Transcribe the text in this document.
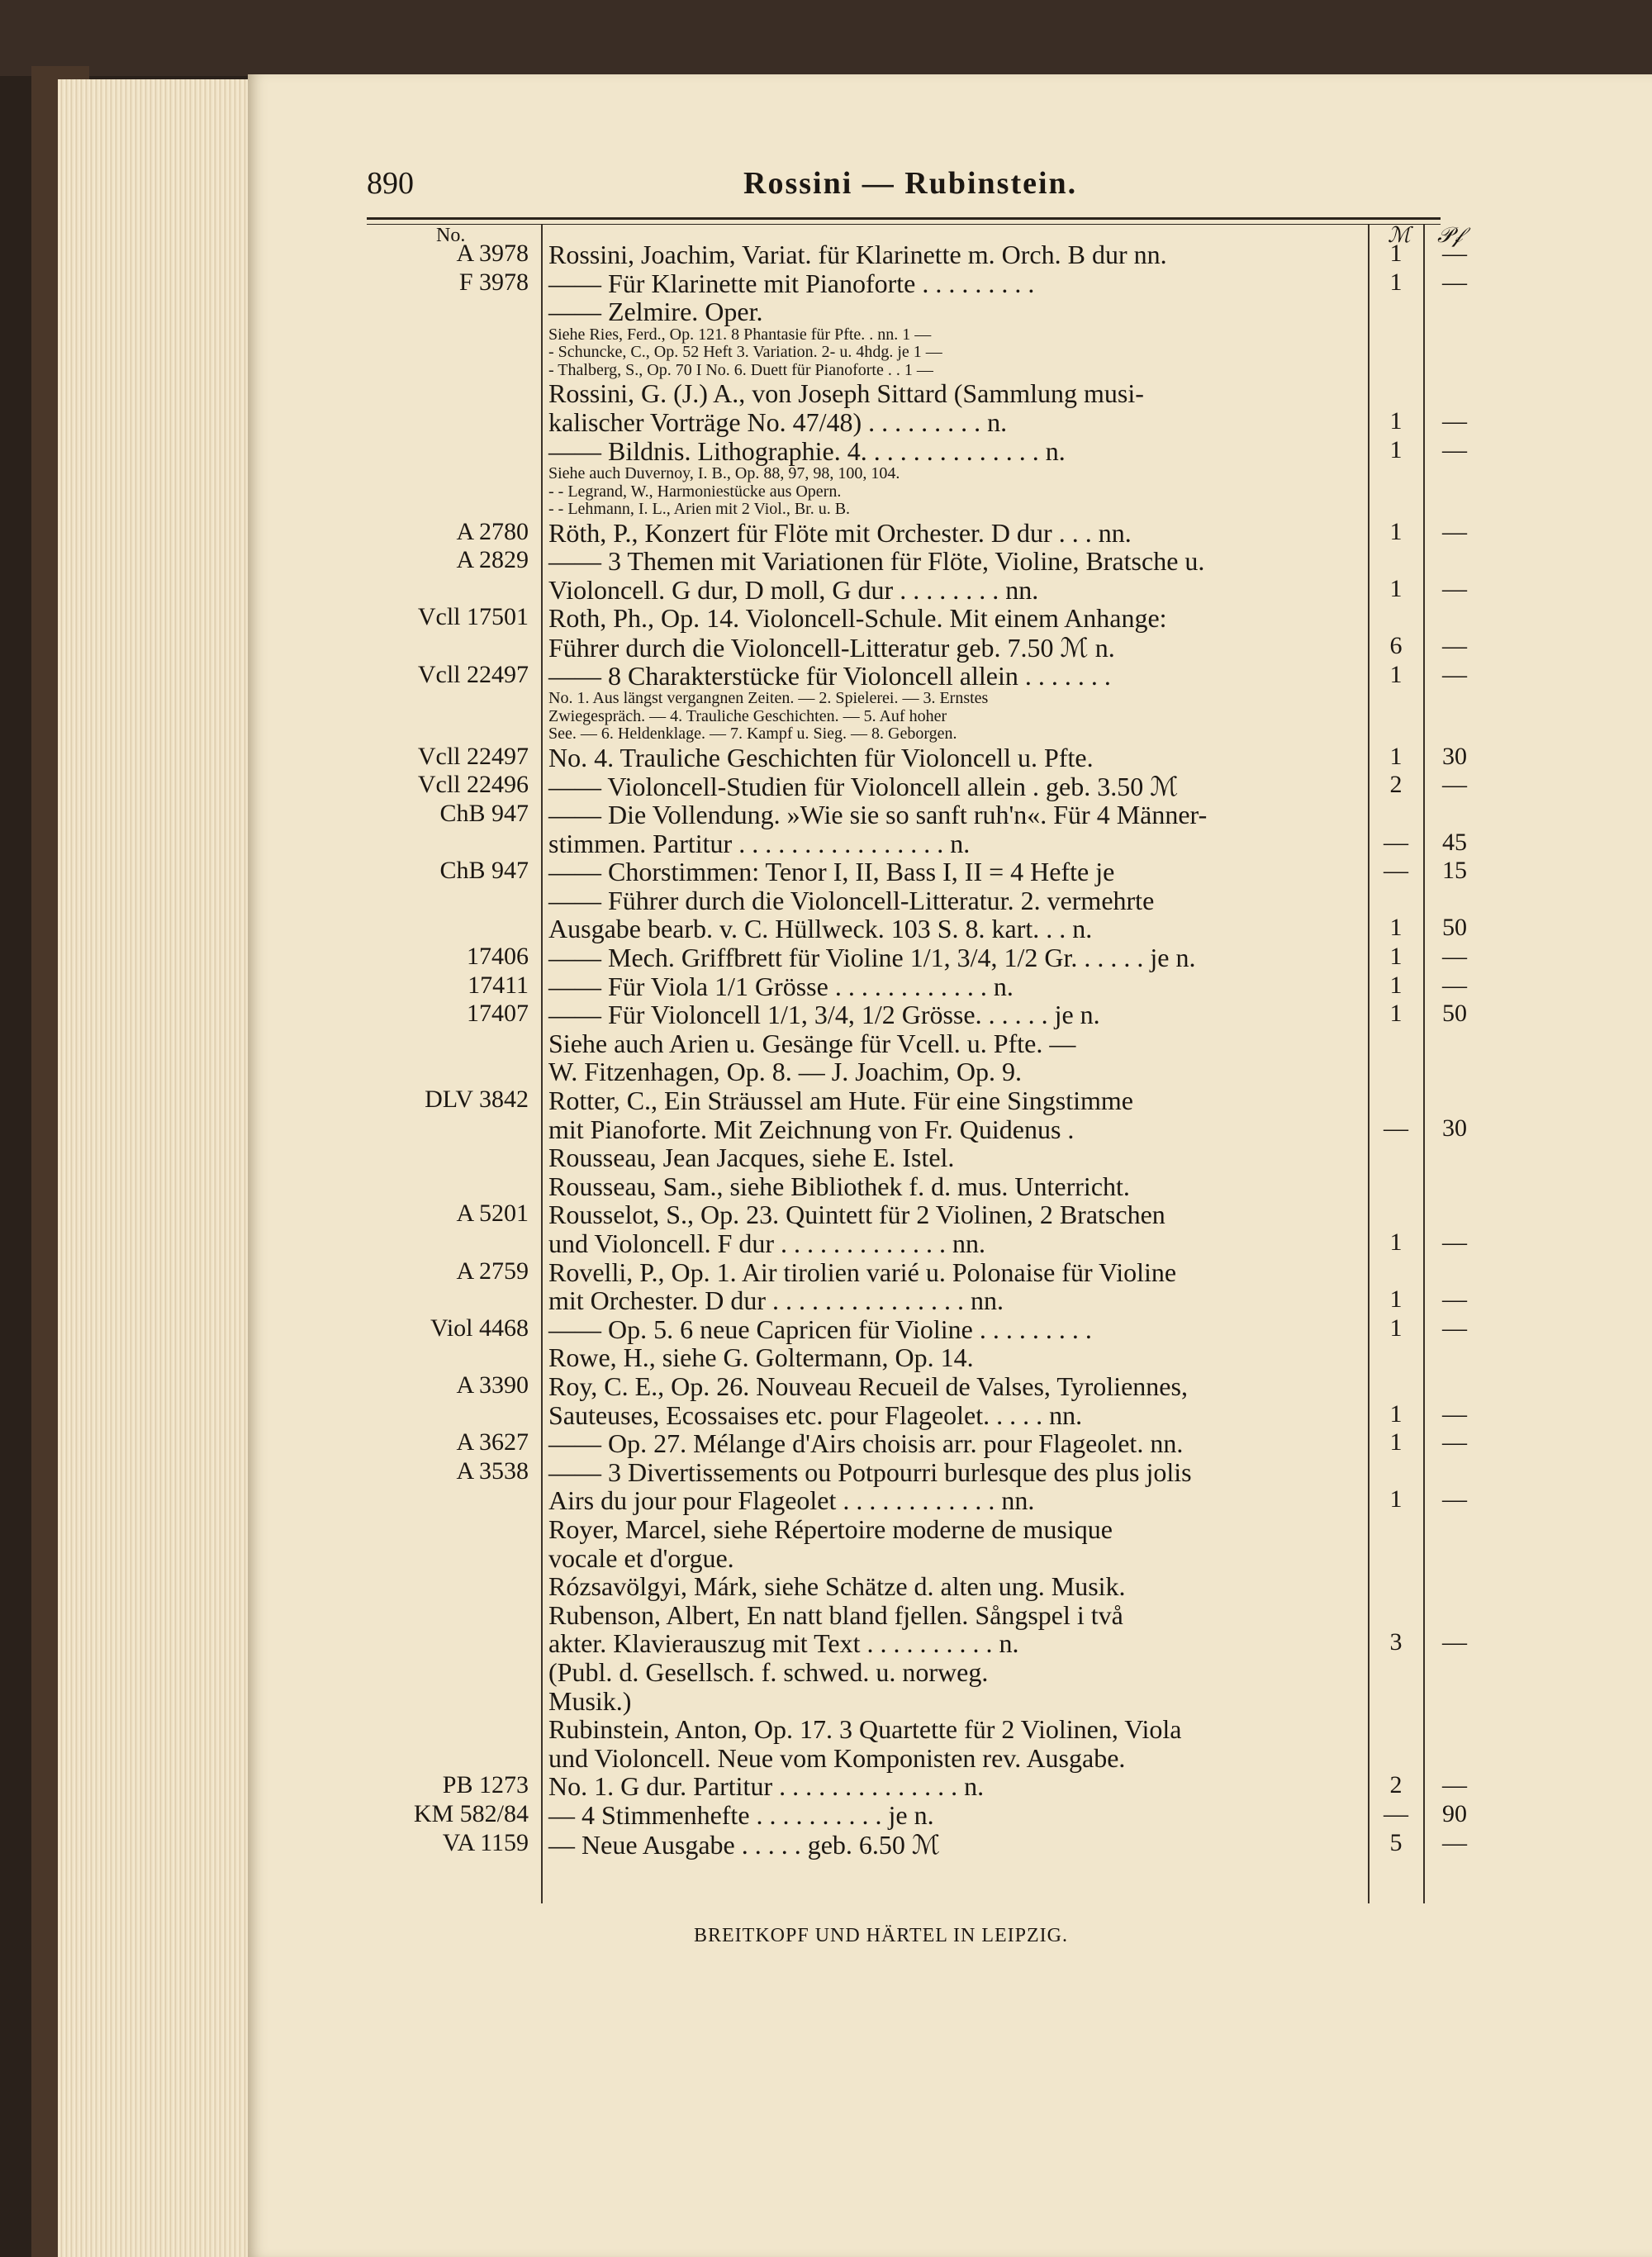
890	Rossini — Rubinstein.
No.	ℳ 𝒫𝒻
A 3978 Rossini, Joachim, Variat. für Klarinette m. Orch. B dur nn.	1	—
F 3978 —— Für Klarinette mit Pianoforte . . . . . . . . .	1	—
—— Zelmire. Oper.
Siehe Ries, Ferd., Op. 121. 8 Phantasie für Pfte. . nn. 1 —
- Schuncke, C., Op. 52 Heft 3. Variation. 2- u. 4hdg. je 1 —
- Thalberg, S., Op. 70 I No. 6. Duett für Pianoforte . . 1 —
Rossini, G. (J.) A., von Joseph Sittard (Sammlung musi-
kalischer Vorträge No. 47/48) . . . . . . . . . n.	1	—
—— Bildnis. Lithographie. 4. . . . . . . . . . . . . . n.	1	—
Siehe auch Duvernoy, I. B., Op. 88, 97, 98, 100, 104.
- - Legrand, W., Harmoniestücke aus Opern.
- - Lehmann, I. L., Arien mit 2 Viol., Br. u. B.
A 2780 Röth, P., Konzert für Flöte mit Orchester. D dur . . . nn.	1	—
A 2829 —— 3 Themen mit Variationen für Flöte, Violine, Bratsche u.
Violoncell. G dur, D moll, G dur . . . . . . . . nn.	1	—
Vcll 17501 Roth, Ph., Op. 14. Violoncell-Schule. Mit einem Anhange:
Führer durch die Violoncell-Litteratur geb. 7.50 ℳ n.	6	—
Vcll 22497 —— 8 Charakterstücke für Violoncell allein . . . . . . .	1	—
No. 1. Aus längst vergangnen Zeiten. — 2. Spielerei. — 3. Ernstes
Zwiegespräch. — 4. Trauliche Geschichten. — 5. Auf hoher
See. — 6. Heldenklage. — 7. Kampf u. Sieg. — 8. Geborgen.
Vcll 22497 No. 4. Trauliche Geschichten für Violoncell u. Pfte.	1	30
Vcll 22496 —— Violoncell-Studien für Violoncell allein . geb. 3.50 ℳ	2	—
ChB 947 —— Die Vollendung. »Wie sie so sanft ruh'n«. Für 4 Männer-
stimmen. Partitur . . . . . . . . . . . . . . . . n.	—	45
ChB 947 —— Chorstimmen: Tenor I, II, Bass I, II = 4 Hefte je	—	15
—— Führer durch die Violoncell-Litteratur. 2. vermehrte
Ausgabe bearb. v. C. Hüllweck. 103 S. 8. kart. . . n.	1	50
17406 —— Mech. Griffbrett für Violine 1/1, 3/4, 1/2 Gr. . . . . . je n.	1	—
17411 —— Für Viola 1/1 Grösse . . . . . . . . . . . . n.	1	—
17407 —— Für Violoncell 1/1, 3/4, 1/2 Grösse. . . . . . je n.	1	50
Siehe auch Arien u. Gesänge für Vcell. u. Pfte. —
W. Fitzenhagen, Op. 8. — J. Joachim, Op. 9.
DLV 3842 Rotter, C., Ein Sträussel am Hute. Für eine Singstimme
mit Pianoforte. Mit Zeichnung von Fr. Quidenus .	—	30
Rousseau, Jean Jacques, siehe E. Istel.
Rousseau, Sam., siehe Bibliothek f. d. mus. Unterricht.
A 5201 Rousselot, S., Op. 23. Quintett für 2 Violinen, 2 Bratschen
und Violoncell. F dur . . . . . . . . . . . . . nn.	1	—
A 2759 Rovelli, P., Op. 1. Air tirolien varié u. Polonaise für Violine
mit Orchester. D dur . . . . . . . . . . . . . . . nn.	1	—
Viol 4468 —— Op. 5. 6 neue Capricen für Violine . . . . . . . . .	1	—
Rowe, H., siehe G. Goltermann, Op. 14.
A 3390 Roy, C. E., Op. 26. Nouveau Recueil de Valses, Tyroliennes,
Sauteuses, Ecossaises etc. pour Flageolet. . . . . nn.	1	—
A 3627 —— Op. 27. Mélange d'Airs choisis arr. pour Flageolet. nn.	1	—
A 3538 —— 3 Divertissements ou Potpourri burlesque des plus jolis
Airs du jour pour Flageolet . . . . . . . . . . . . nn.	1	—
Royer, Marcel, siehe Répertoire moderne de musique
vocale et d'orgue.
Rózsavölgyi, Márk, siehe Schätze d. alten ung. Musik.
Rubenson, Albert, En natt bland fjellen. Sångspel i två
akter. Klavierauszug mit Text . . . . . . . . . . n.	3	—
(Publ. d. Gesellsch. f. schwed. u. norweg.
Musik.)
Rubinstein, Anton, Op. 17. 3 Quartette für 2 Violinen, Viola
und Violoncell. Neue vom Komponisten rev. Ausgabe.
PB 1273 No. 1. G dur. Partitur . . . . . . . . . . . . . . n.	2	—
KM 582/84 — 4 Stimmenhefte . . . . . . . . . . je n.	—	90
VA 1159 — Neue Ausgabe . . . . . geb. 6.50 ℳ	5	—
BREITKOPF UND HÄRTEL IN LEIPZIG.
